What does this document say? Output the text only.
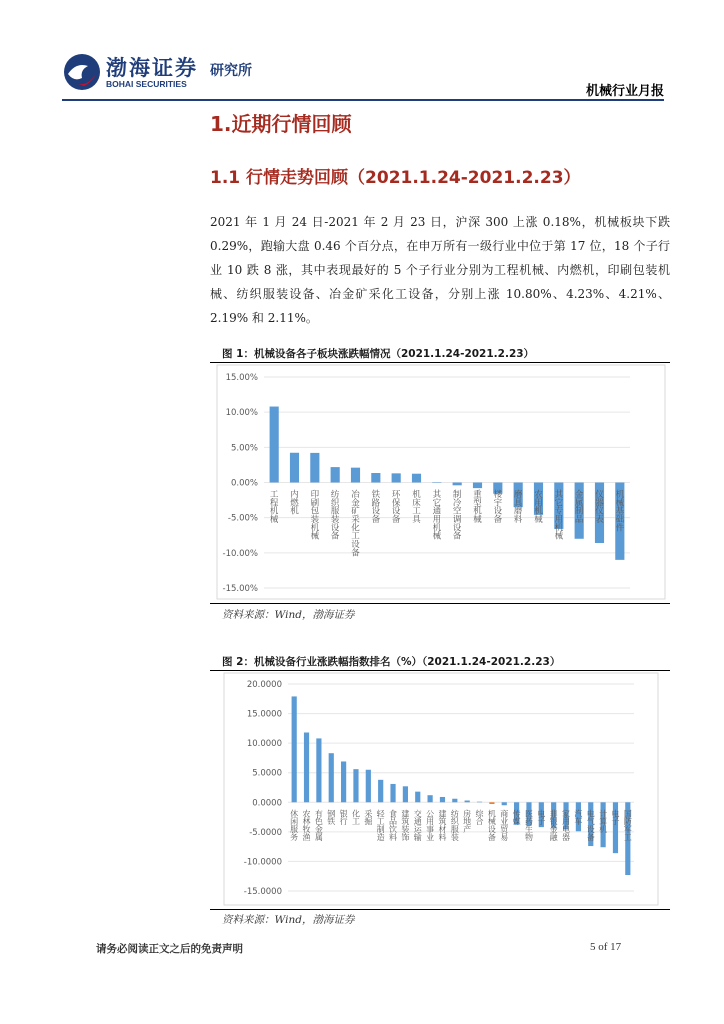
渤海证券
BOHAI SECURITIES
研究所
机械行业月报
1.近期行情回顾
1.1 行情走势回顾（2021.1.24-2021.2.23）

2021 年 1 月 24 日-2021 年 2 月 23 日，沪深 300 上涨 0.18%，机械板块下跌 0.29%，跑输大盘 0.46 个百分点，在申万所有一级行业中位于第 17 位，18 个子行业 10 跌 8 涨，其中表现最好的 5 个子行业分别为工程机械、内燃机，印刷包装机械、纺织服装设备、冶金矿采化工设备，分别上涨 10.80%、4.23%、4.21%、2.19% 和 2.11%。

图 1：机械设备各子板块涨跌幅情况（2021.1.24-2021.2.23）
15.00%
10.00%
5.00%
0.00%
-5.00%
-10.00%
-15.00%
工程机械
内燃机
印刷包装机械
纺织服装设备
冶金矿采化工设备
铁路设备
环保设备
机床工具
其它通用机械
制冷空调设备
重型机械
楼宇设备
磨具磨料
农用机械
其它专用机械
金属制品
仪器仪表
机械基础件
资料来源：Wind，渤海证券
图 2：机械设备行业涨跌幅指数排名（%）（2021.1.24-2021.2.23）
20.0000
15.0000
10.0000
5.0000
0.0000
-5.0000
-10.0000
-15.0000
休闲服务
农林牧渔
有色金属
钢铁
银行
化工
采掘
轻工制造
食品饮料
建筑装饰
交通运输
公用事业
建筑材料
纺织服装
房地产
综合
机械设备
商业贸易
传媒
医药生物
电子
非银金融
家用电器
汽车
电气设备
计算机
电子
国防军工
资料来源：Wind，渤海证券
请务必阅读正文之后的免责声明	5 of 17
